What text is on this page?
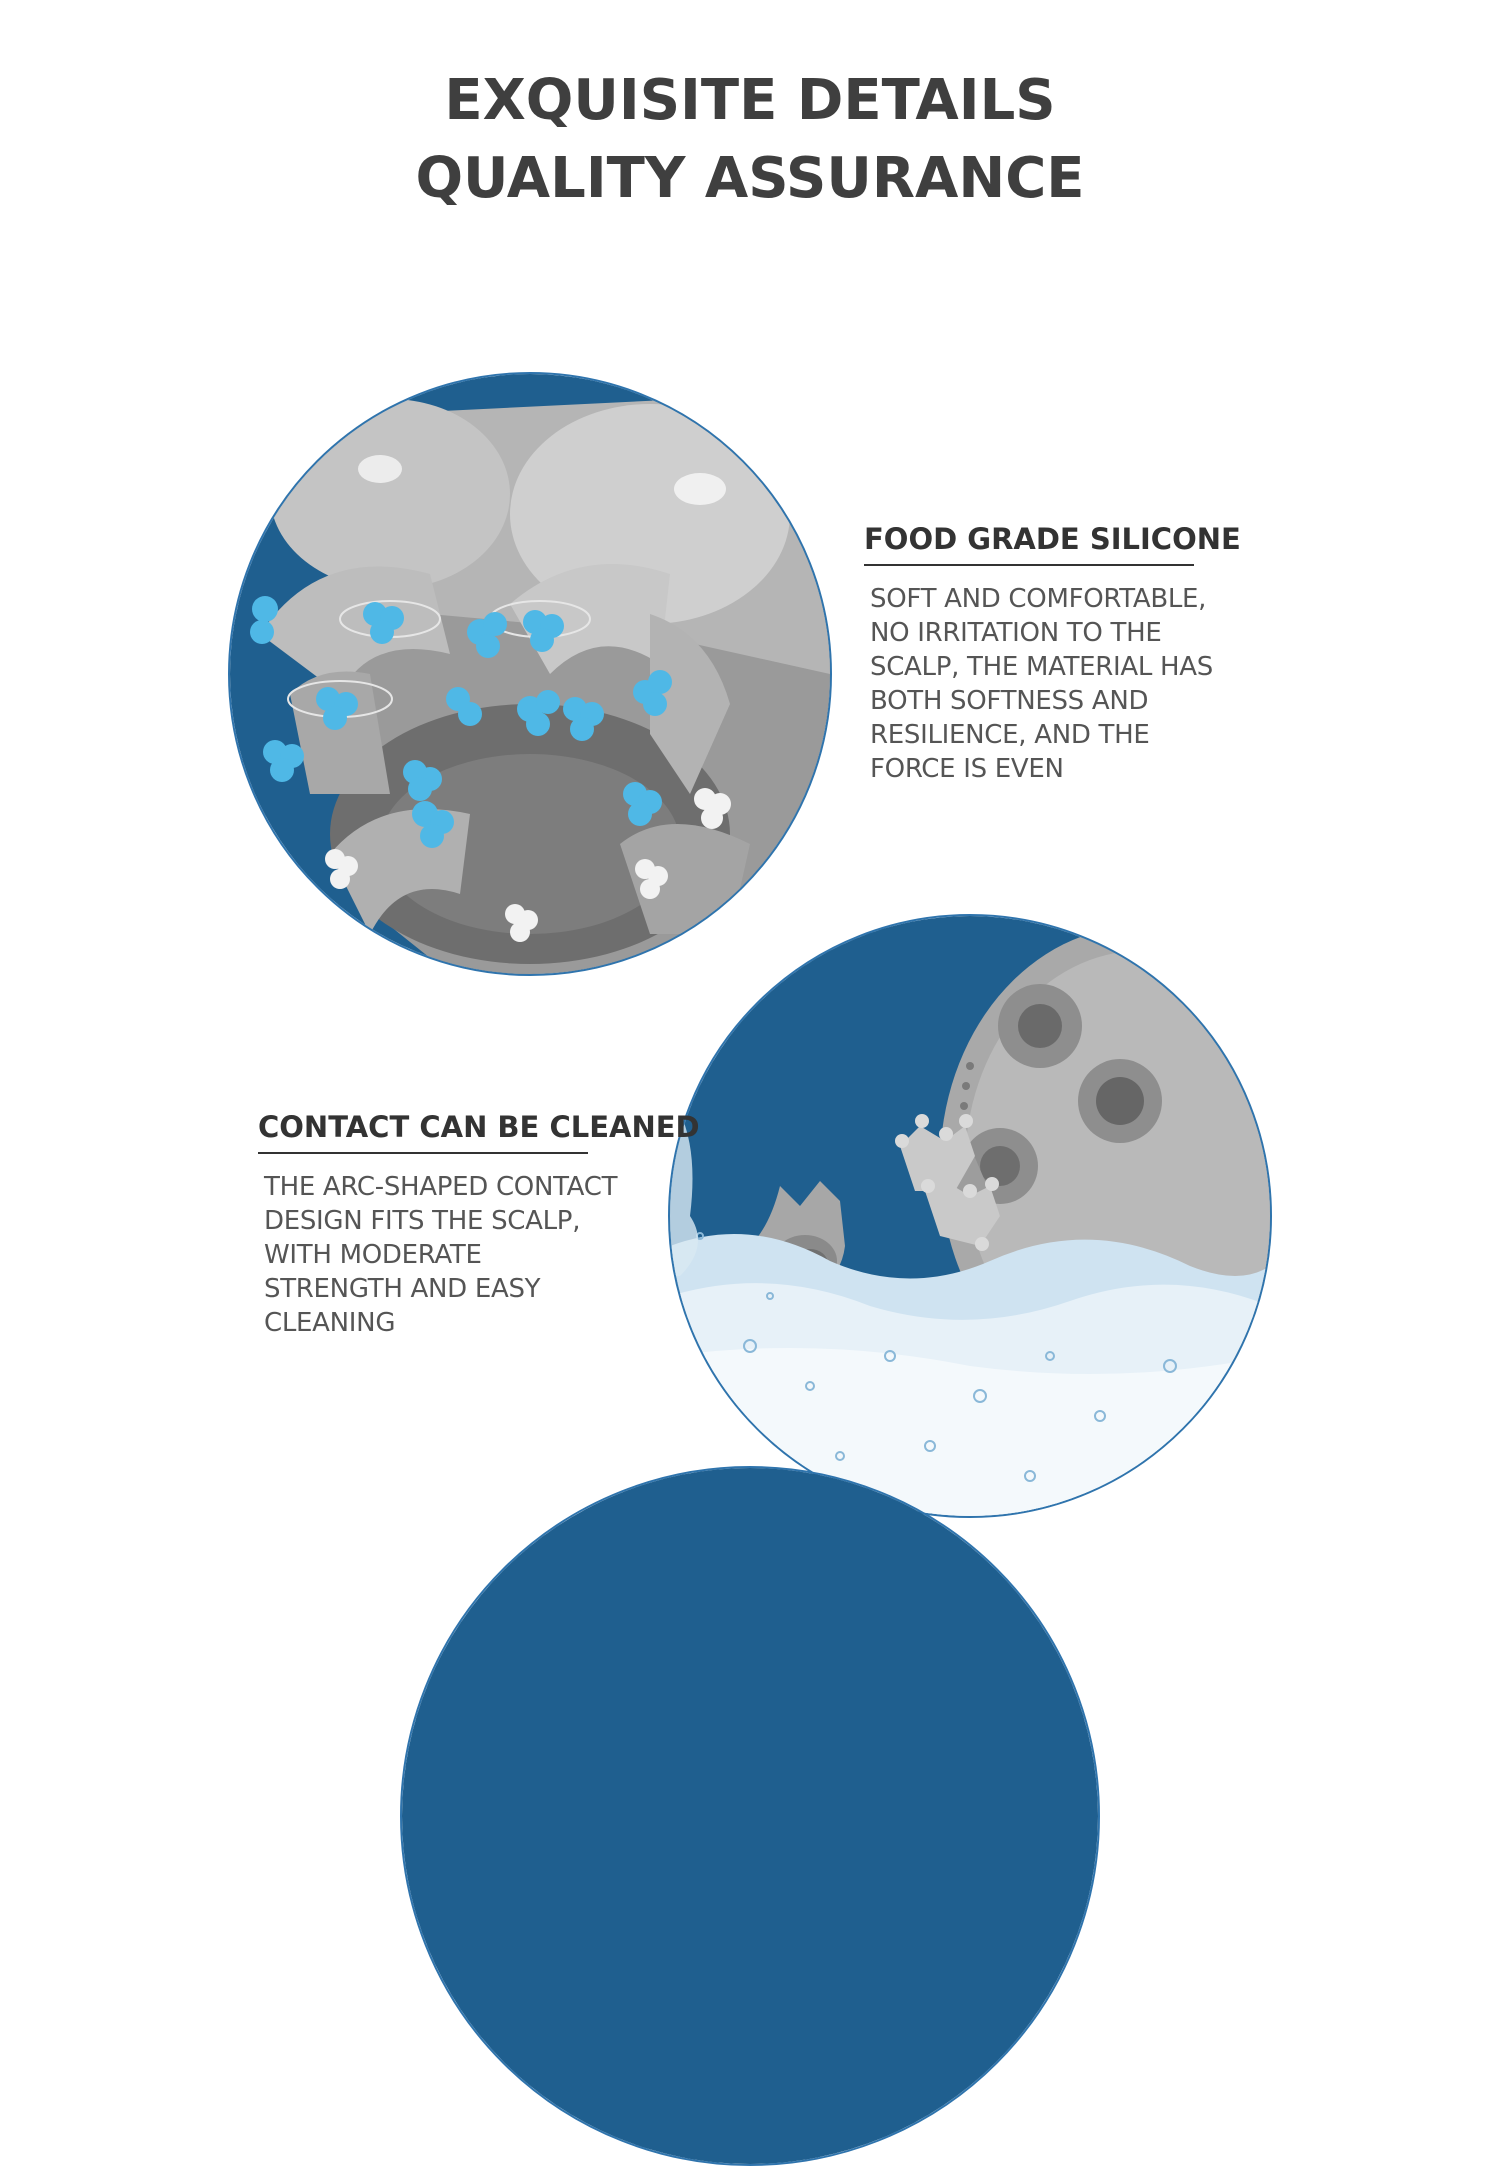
EXQUISITE DETAILS
QUALITY ASSURANCE
FOOD GRADE SILICONE
SOFT AND COMFORTABLE,
NO IRRITATION TO THE
SCALP, THE MATERIAL HAS
BOTH SOFTNESS AND
RESILIENCE, AND THE
FORCE IS EVEN
CONTACT CAN BE CLEANED
THE ARC-SHAPED CONTACT
DESIGN FITS THE SCALP,
WITH MODERATE
STRENGTH AND EASY
CLEANING
